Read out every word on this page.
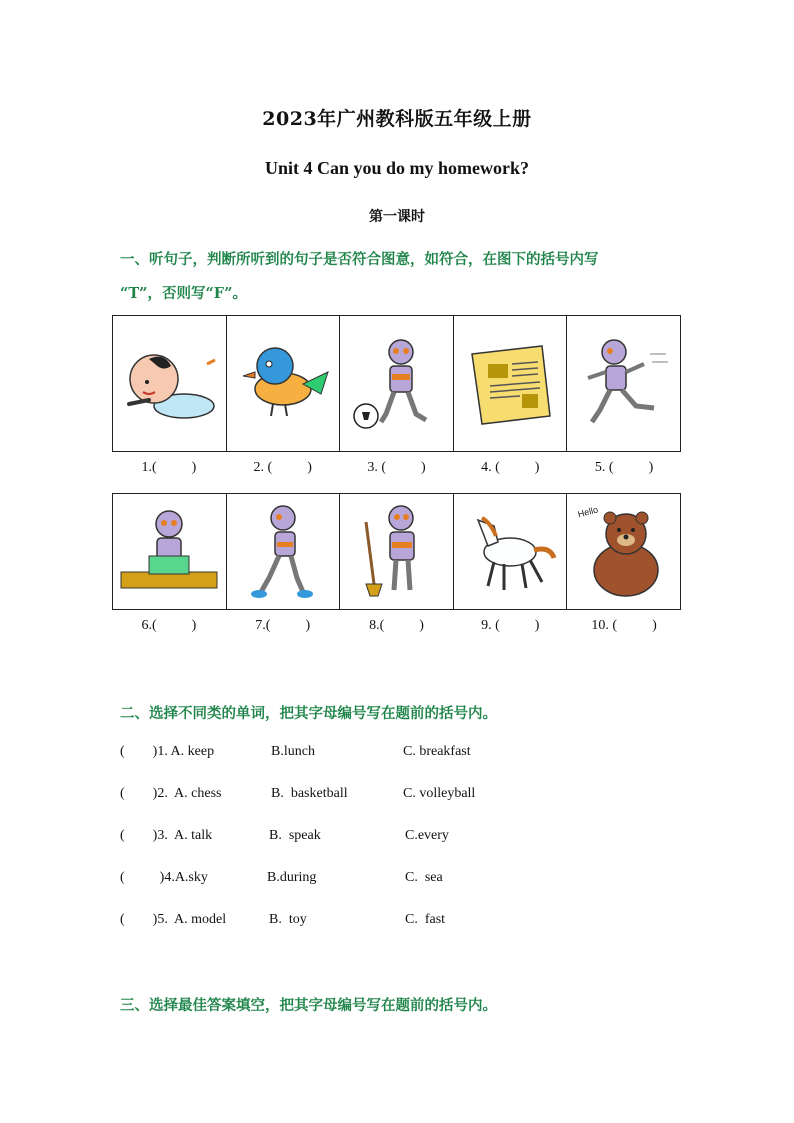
2023年广州教科版五年级上册
Unit 4 Can you do my homework?
第一课时
一、听句子，判断所听到的句子是否符合图意，如符合，在图下的括号内写
“T”，否则写“F”。
1.(          )	2. (          )	3. (          )	4. (          )	5. (          )
Hello
6.(          )	7.(          )	8.(          )	9. (          )	10. (          )
二、选择不同类的单词，把其字母编号写在题前的括号内。
(        )1. A. keep	B.lunch	C. breakfast
(        )2.  A. chess	B.  basketball	C. volleyball
(        )3.  A. talk	B.  speak	C.every
(          )4.A.sky	B.during	C.  sea
(        )5.  A. model	B.  toy	C.  fast
三、选择最佳答案填空，把其字母编号写在题前的括号内。
